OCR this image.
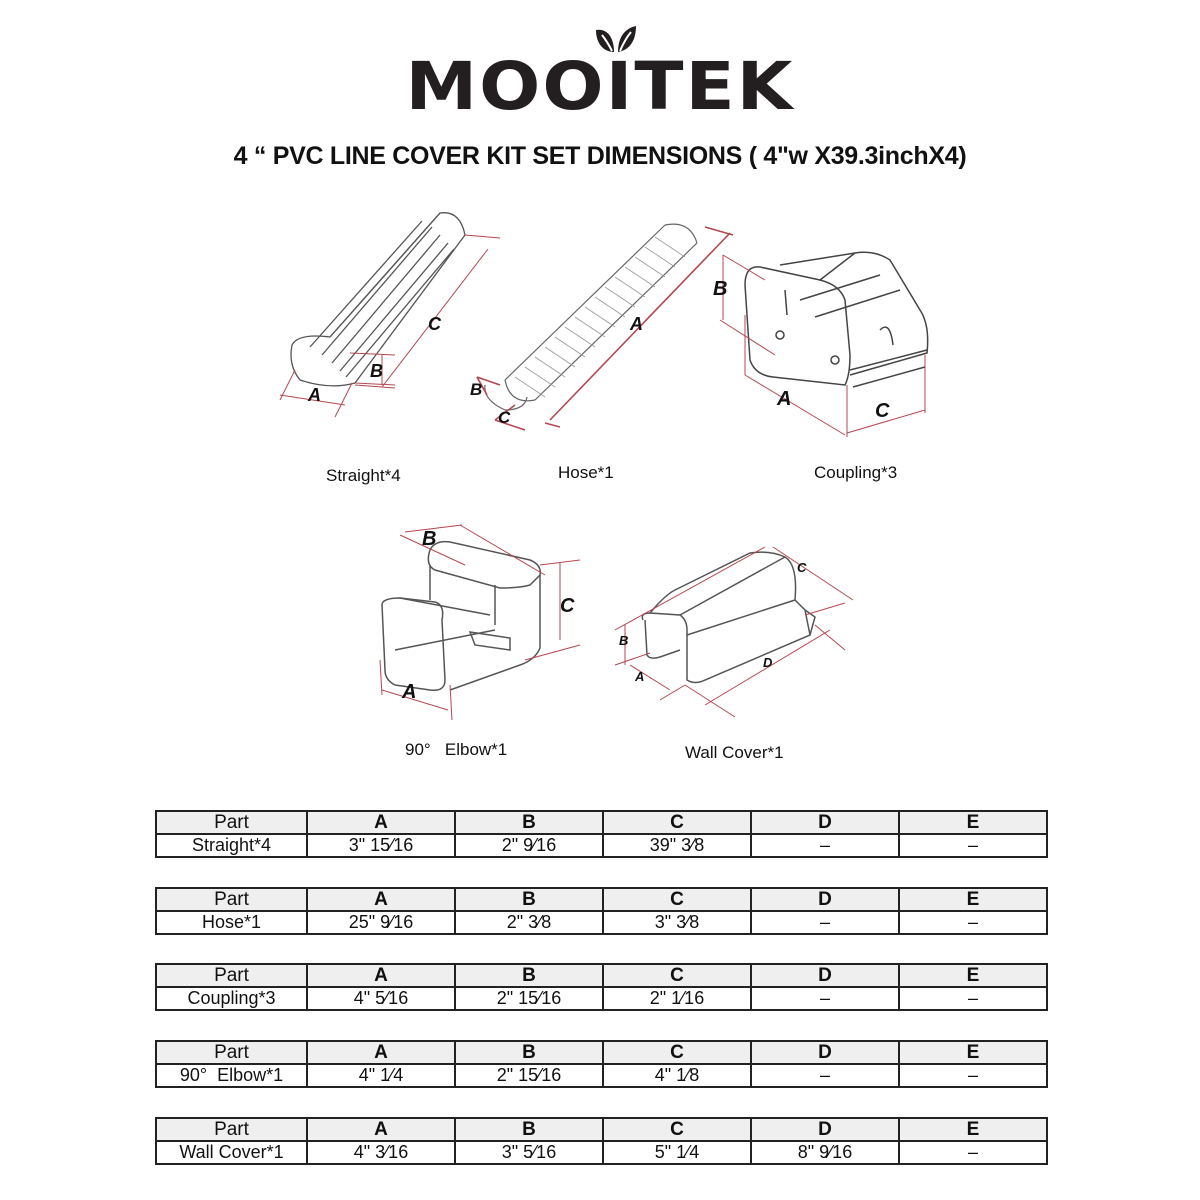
MOOITEK
4 “ PVC LINE COVER KIT SET DIMENSIONS ( 4"w X39.3inchX4)
A
B
C
Straight*4
A
B
C
Hose*1
B
A
C
Coupling*3
B
C
A
90°   Elbow*1
C
B
A
D
Wall Cover*1
Part	A	B	C	D	E
Straight*4	3" 15⁄16	2" 9⁄16	39" 3⁄8	–	–
Part	A	B	C	D	E
Hose*1	25" 9⁄16	2" 3⁄8	3" 3⁄8	–	–
Part	A	B	C	D	E
Coupling*3	4" 5⁄16	2" 15⁄16	2" 1⁄16	–	–
Part	A	B	C	D	E
90°  Elbow*1	4" 1⁄4	2" 15⁄16	4" 1⁄8	–	–
Part	A	B	C	D	E
Wall Cover*1	4" 3⁄16	3" 5⁄16	5" 1⁄4	8" 9⁄16	–
